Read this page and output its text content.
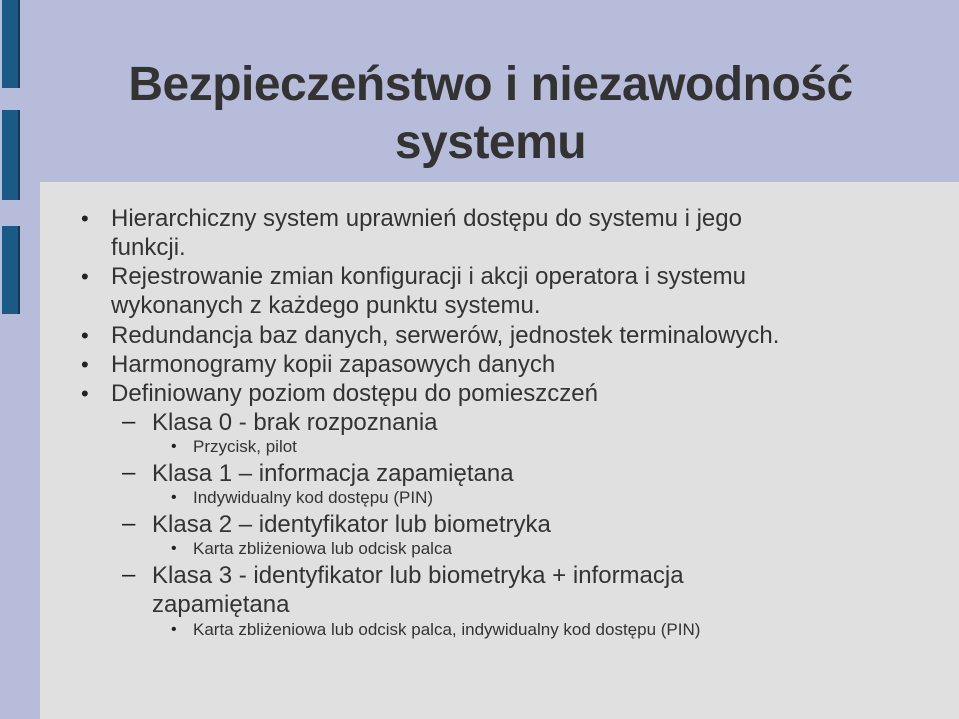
Bezpieczeństwo i niezawodność
systemu
• Hierarchiczny system uprawnień dostępu do systemu i jego
funkcji.
• Rejestrowanie zmian konfiguracji i akcji operatora i systemu
wykonanych z każdego punktu systemu.
• Redundancja baz danych, serwerów, jednostek terminalowych.
• Harmonogramy kopii zapasowych danych
• Definiowany poziom dostępu do pomieszczeń
– Klasa 0 - brak rozpoznania
• Przycisk, pilot
– Klasa 1 – informacja zapamiętana
• Indywidualny kod dostępu (PIN)
– Klasa 2 – identyfikator lub biometryka
• Karta zbliżeniowa lub odcisk palca
– Klasa 3 - identyfikator lub biometryka + informacja
zapamiętana
• Karta zbliżeniowa lub odcisk palca, indywidualny kod dostępu (PIN)
